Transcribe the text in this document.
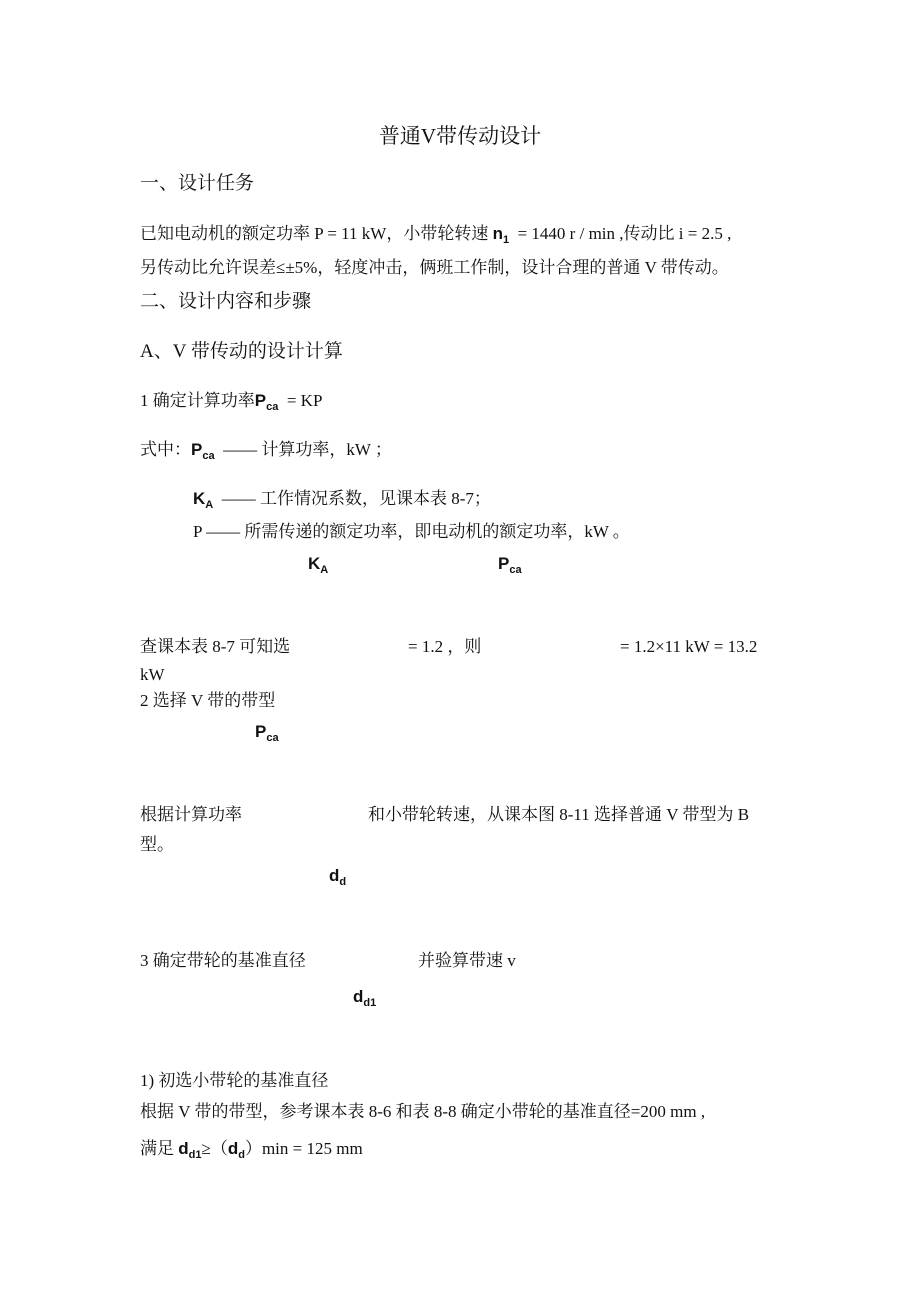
普通V带传动设计
一、设计任务
已知电动机的额定功率 P = 11 kW，小带轮转速 $n_1 = 1440$ r / min ,传动比 i = 2.5 ,
另传动比允许误差≤±5%，轻度冲击，俩班工作制，设计合理的普通 V 带传动。
二、设计内容和步骤
A、V 带传动的设计计算
1 确定计算功率$P_{ca}$ = KP
式中：$P_{ca}$ —— 计算功率，kW ；
$K_A$ —— 工作情况系数，见课本表 8-7；
P —— 所需传递的额定功率，即电动机的额定功率，kW 。
$K_A$	$P_{ca}$
查课本表 8-7 可知选	= 1.2 ，则	= 1.2×11 kW = 13.2
kW
2 选择 V 带的带型
$P_{ca}$
根据计算功率	和小带轮转速，从课本图 8-11 选择普通 V 带型为 B
型。
$d_d$
3 确定带轮的基准直径	并验算带速 v
$d_{d1}$
1) 初选小带轮的基准直径
根据 V 带的带型，参考课本表 8-6 和表 8-8 确定小带轮的基准直径=200 mm ,
满足 $d_{d1}\ge(d_d)\min = 125$ mm
